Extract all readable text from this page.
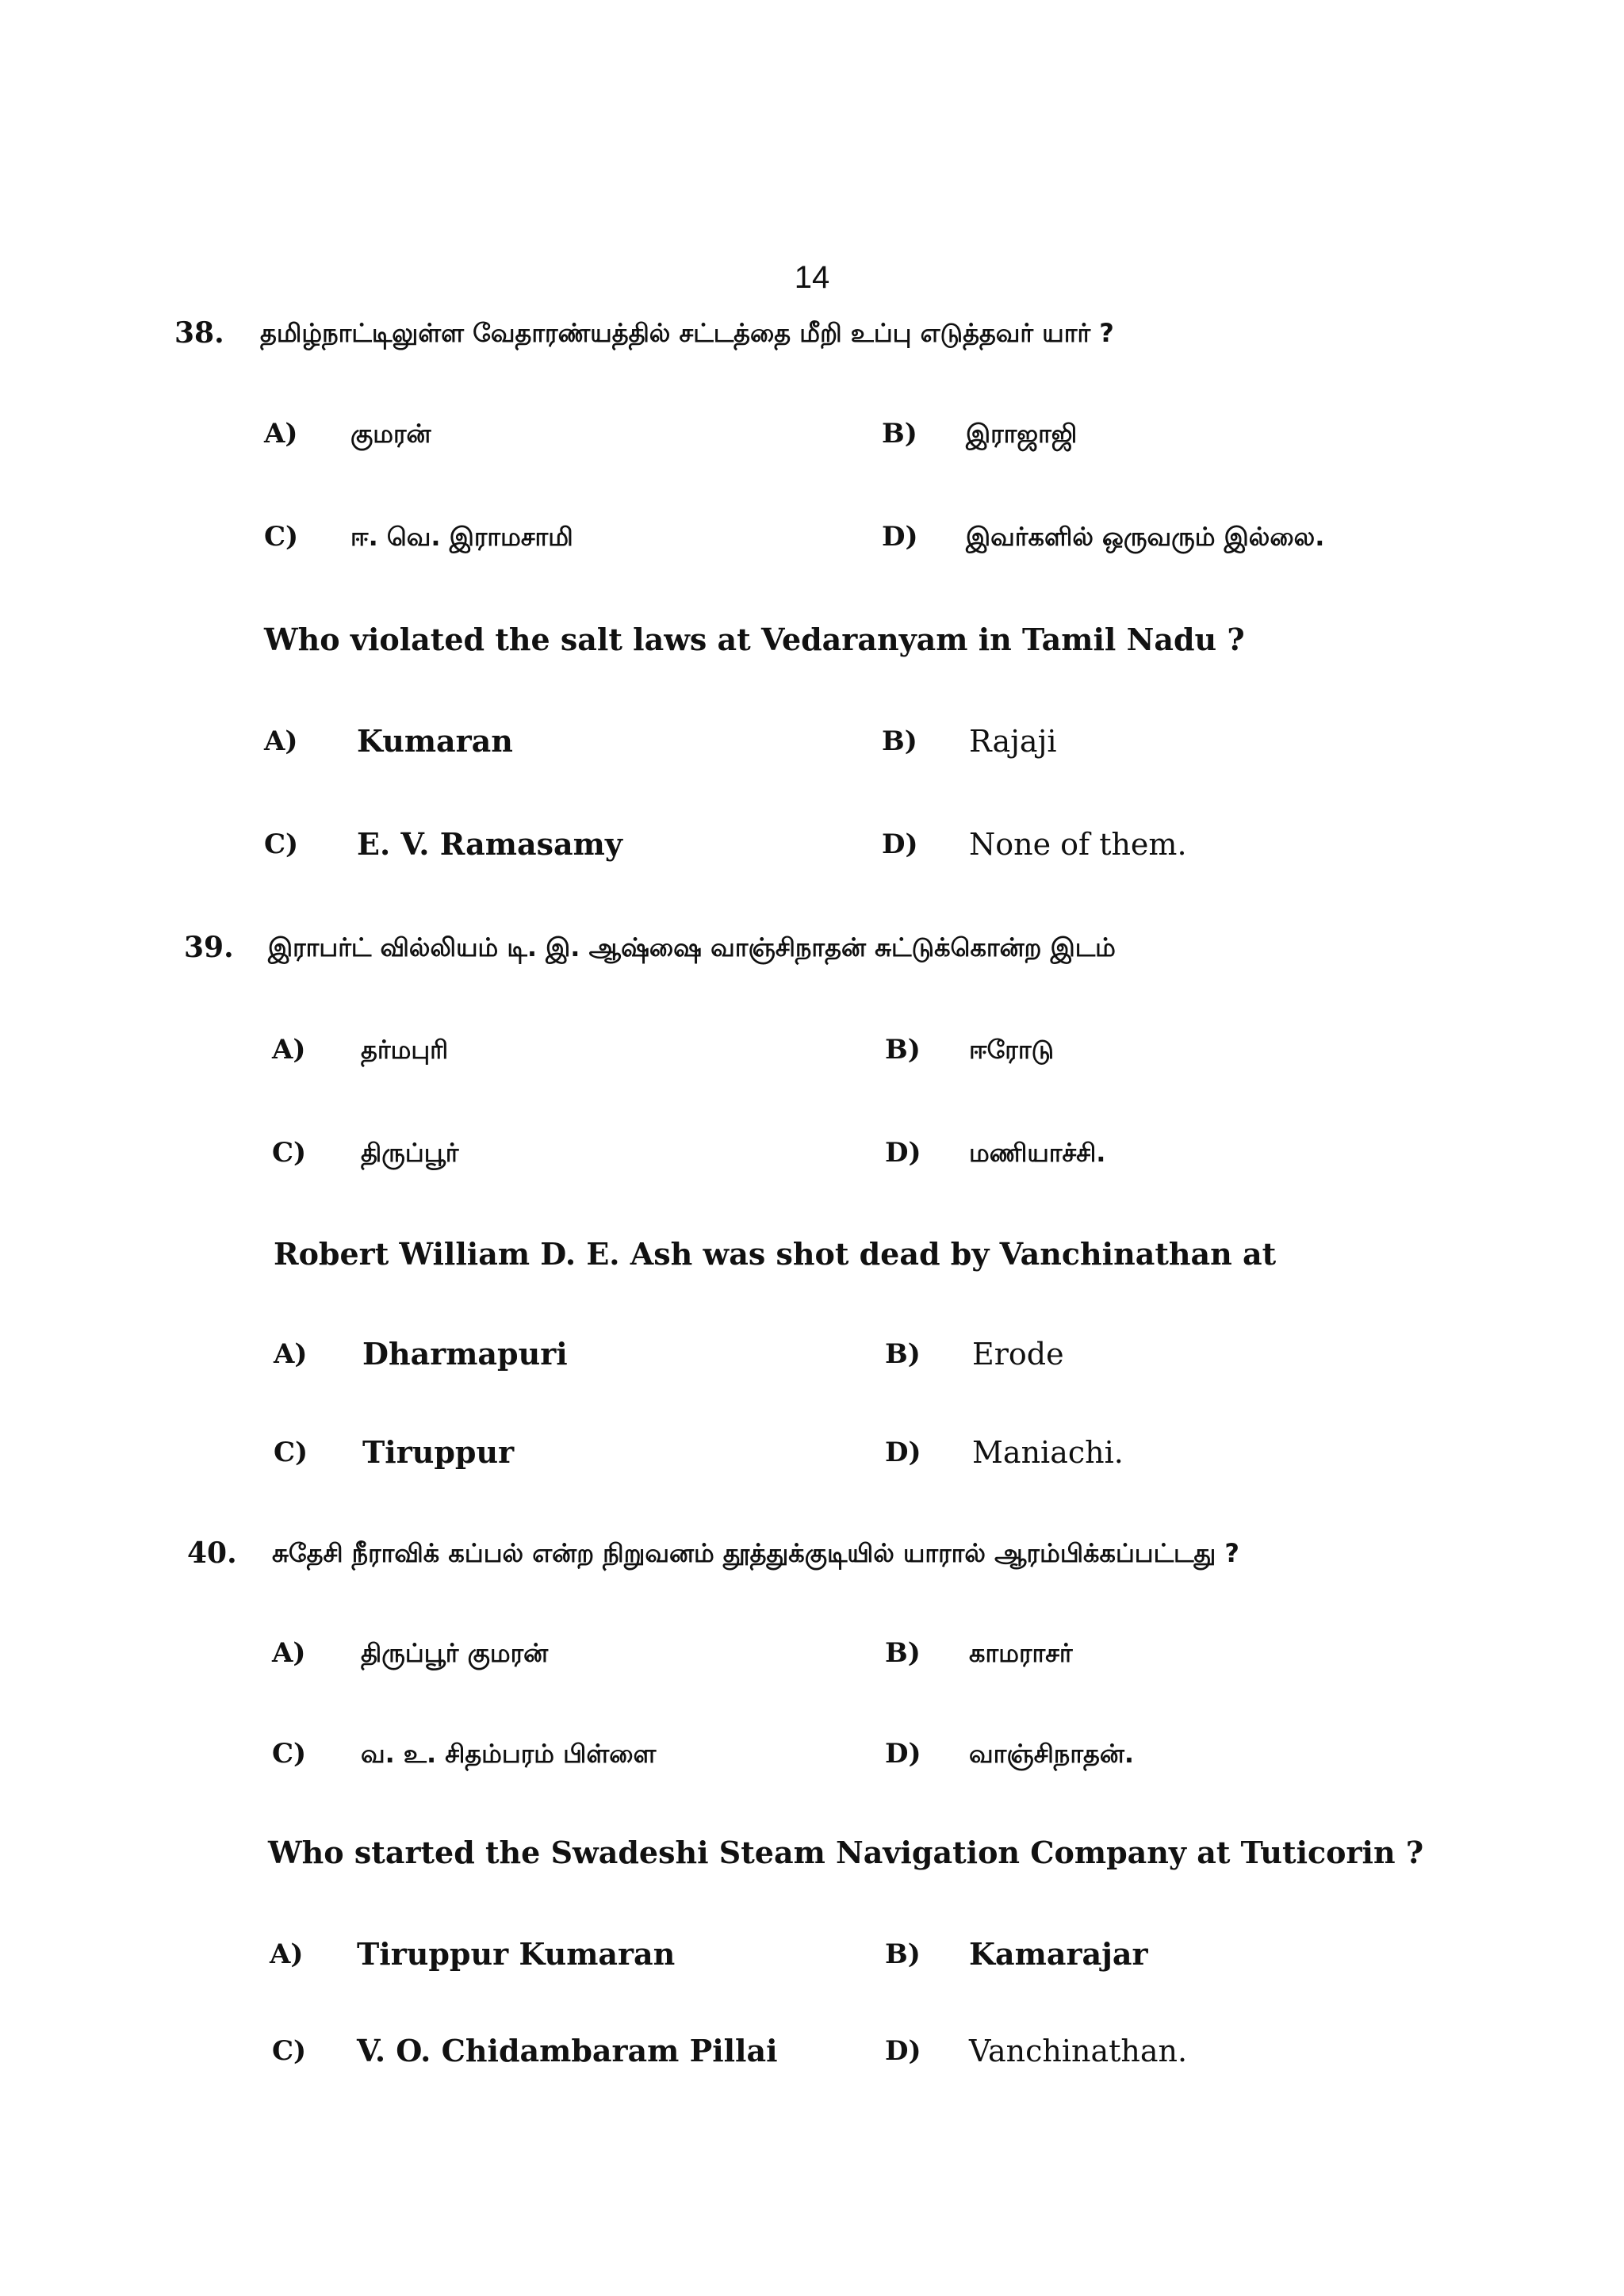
14
38. தமிழ்நாட்டிலுள்ள வேதாரண்யத்தில் சட்டத்தை மீறி உப்பு எடுத்தவர் யார் ?
A) குமரன்	B) இராஜாஜி
C) ஈ. வெ. இராமசாமி	D) இவர்களில் ஒருவரும் இல்லை.
Who violated the salt laws at Vedaranyam in Tamil Nadu ?
A) Kumaran	B) Rajaji
C) E. V. Ramasamy	D) None of them.
39. இராபர்ட் வில்லியம் டி. இ. ஆஷ்ஷை வாஞ்சிநாதன் சுட்டுக்கொன்ற இடம்
A) தர்மபுரி	B) ஈரோடு
C) திருப்பூர்	D) மணியாச்சி.
Robert William D. E. Ash was shot dead by Vanchinathan at
A) Dharmapuri	B) Erode
C) Tiruppur	D) Maniachi.
40. சுதேசி நீராவிக் கப்பல் என்ற நிறுவனம் தூத்துக்குடியில் யாரால் ஆரம்பிக்கப்பட்டது ?
A) திருப்பூர் குமரன்	B) காமராசர்
C) வ. உ. சிதம்பரம் பிள்ளை	D) வாஞ்சிநாதன்.
Who started the Swadeshi Steam Navigation Company at Tuticorin ?
A) Tiruppur Kumaran	B) Kamarajar
C) V. O. Chidambaram Pillai	D) Vanchinathan.
